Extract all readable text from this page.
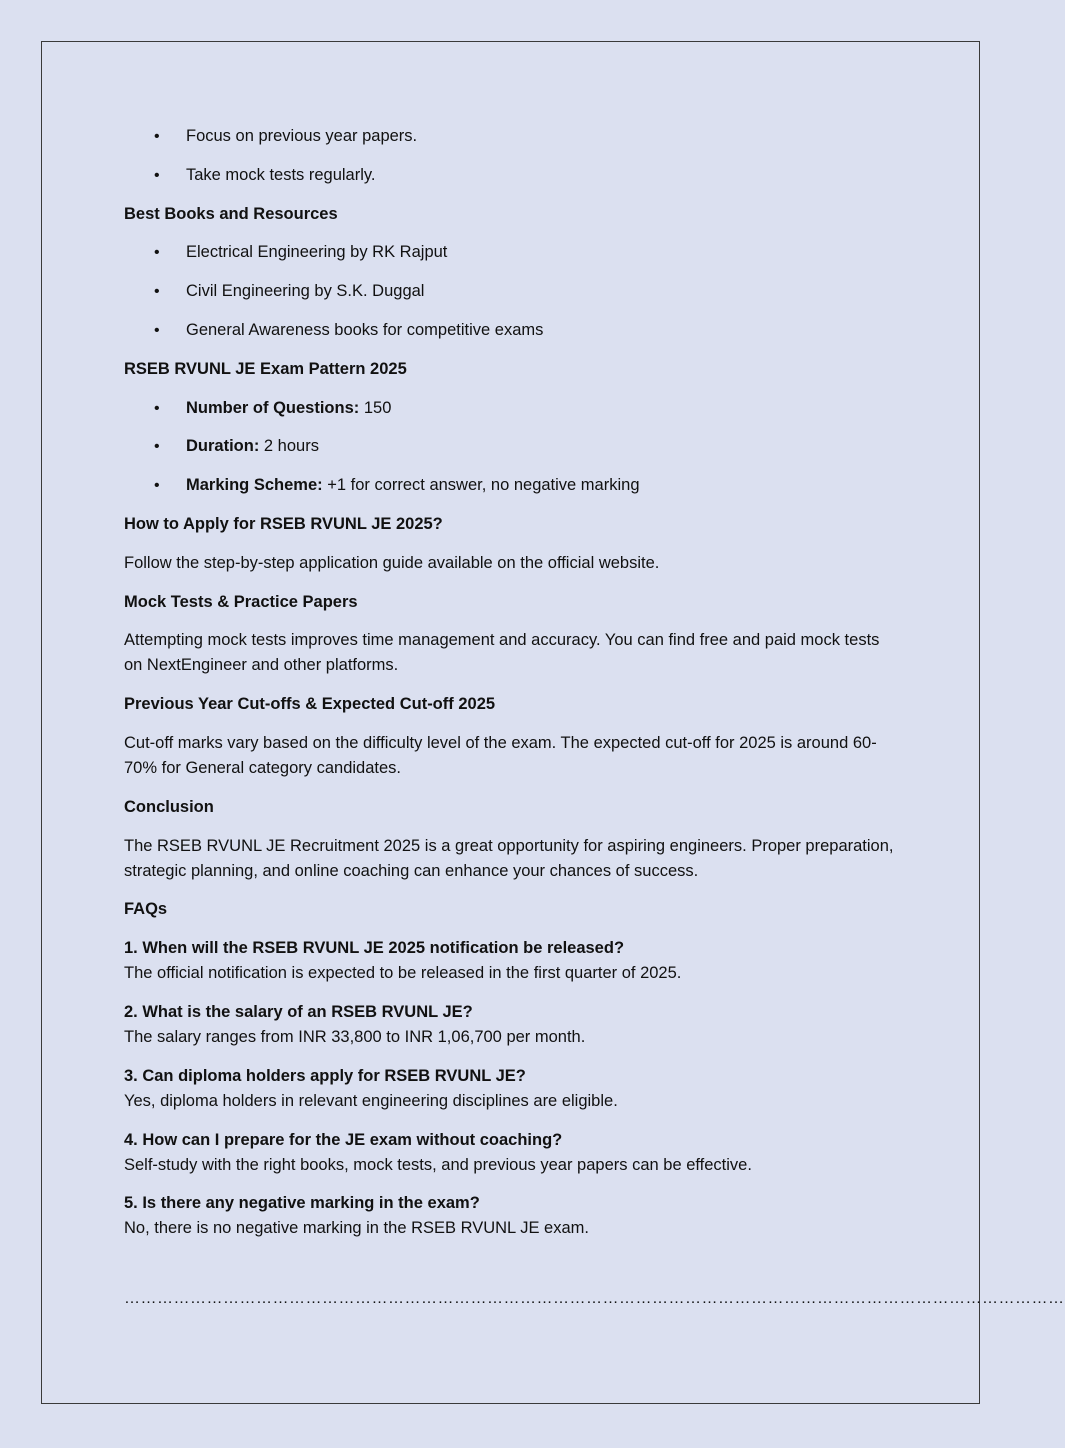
• Focus on previous year papers.
• Take mock tests regularly.

Best Books and Resources

• Electrical Engineering by RK Rajput
• Civil Engineering by S.K. Duggal
• General Awareness books for competitive exams

RSEB RVUNL JE Exam Pattern 2025

• Number of Questions: 150
• Duration: 2 hours
• Marking Scheme: +1 for correct answer, no negative marking

How to Apply for RSEB RVUNL JE 2025?

Follow the step-by-step application guide available on the official website.

Mock Tests & Practice Papers

Attempting mock tests improves time management and accuracy. You can find free and paid mock tests on NextEngineer and other platforms.

Previous Year Cut-offs & Expected Cut-off 2025

Cut-off marks vary based on the difficulty level of the exam. The expected cut-off for 2025 is around 60-70% for General category candidates.

Conclusion

The RSEB RVUNL JE Recruitment 2025 is a great opportunity for aspiring engineers. Proper preparation, strategic planning, and online coaching can enhance your chances of success.

FAQs

1. When will the RSEB RVUNL JE 2025 notification be released?
The official notification is expected to be released in the first quarter of 2025.
2. What is the salary of an RSEB RVUNL JE?
The salary ranges from INR 33,800 to INR 1,06,700 per month.
3. Can diploma holders apply for RSEB RVUNL JE?
Yes, diploma holders in relevant engineering disciplines are eligible.
4. How can I prepare for the JE exam without coaching?
Self-study with the right books, mock tests, and previous year papers can be effective.
5. Is there any negative marking in the exam?
No, there is no negative marking in the RSEB RVUNL JE exam.
………………………………………………………………………………………………………………………………………………………
